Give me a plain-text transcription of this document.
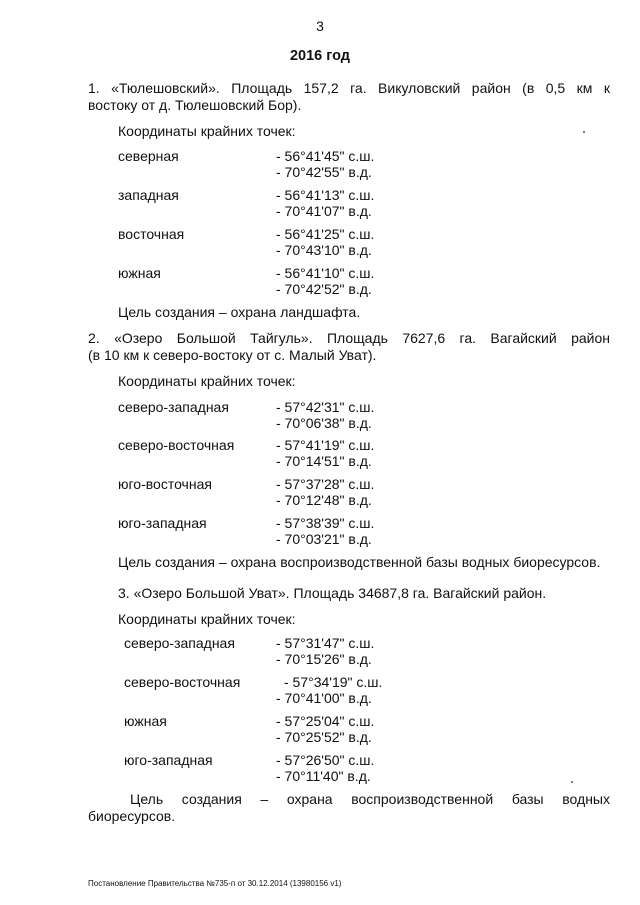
3
2016 год
1. «Тюлешовский». Площадь 157,2 га. Викуловский район (в 0,5 км к
востоку от д. Тюлешовский Бор).
Координаты крайних точек:
северная	- 56°41'45" с.ш.
- 70°42'55" в.д.
западная	- 56°41'13" с.ш.
- 70°41'07" в.д.
восточная	- 56°41'25" с.ш.
- 70°43'10" в.д.
южная	- 56°41'10" с.ш.
- 70°42'52" в.д.
Цель создания – охрана ландшафта.
2. «Озеро Большой Тайгуль». Площадь 7627,6 га. Вагайский район
(в 10 км к северо-востоку от с. Малый Уват).
Координаты крайних точек:
северо-западная	- 57°42'31" с.ш.
- 70°06'38" в.д.
северо-восточная	- 57°41'19" с.ш.
- 70°14'51" в.д.
юго-восточная	- 57°37'28" с.ш.
- 70°12'48" в.д.
юго-западная	- 57°38'39" с.ш.
- 70°03'21" в.д.
Цель создания – охрана воспроизводственной базы водных биоресурсов.
3. «Озеро Большой Уват». Площадь 34687,8 га. Вагайский район.
Координаты крайних точек:
северо-западная	- 57°31'47" с.ш.
- 70°15'26" в.д.
северо-восточная	- 57°34'19" с.ш.
- 70°41'00" в.д.
южная	- 57°25'04" с.ш.
- 70°25'52" в.д.
юго-западная	- 57°26'50" с.ш.
- 70°11'40" в.д.
Цель создания – охрана воспроизводственной базы водных
биоресурсов.
Постановление Правительства №735-п от 30.12.2014 (13980156 v1)
